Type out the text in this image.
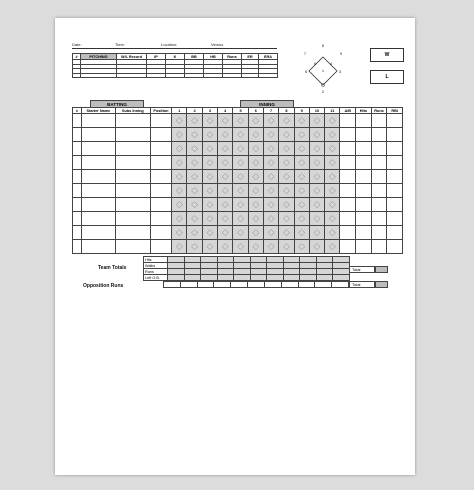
Date:	Time:	Location:	Versus	8
7	9
6	4
1
5	3
2
W
L
#	PITCHING	W/L Record	IP	K	BB	HB	Runs	ER	ERA

BATTING	INNING
#	Starter Name	Subs Inning	Position	1	2	3	4	5	6	7	8	9	10	11	A/B	Hits	Runs	RBI
				◇	◇	◇	◇	◇	◇	◇	◇	◇	◇	◇				
				◇	◇	◇	◇	◇	◇	◇	◇	◇	◇	◇				
				◇	◇	◇	◇	◇	◇	◇	◇	◇	◇	◇				
				◇	◇	◇	◇	◇	◇	◇	◇	◇	◇	◇				
				◇	◇	◇	◇	◇	◇	◇	◇	◇	◇	◇				
				◇	◇	◇	◇	◇	◇	◇	◇	◇	◇	◇				
				◇	◇	◇	◇	◇	◇	◇	◇	◇	◇	◇				
				◇	◇	◇	◇	◇	◇	◇	◇	◇	◇	◇				
				◇	◇	◇	◇	◇	◇	◇	◇	◇	◇	◇				
				◇	◇	◇	◇	◇	◇	◇	◇	◇	◇	◇				
Team Totals
Hits											
Walks											
Runs											
Left O.B.											
Total
Opposition Runs
											Total
